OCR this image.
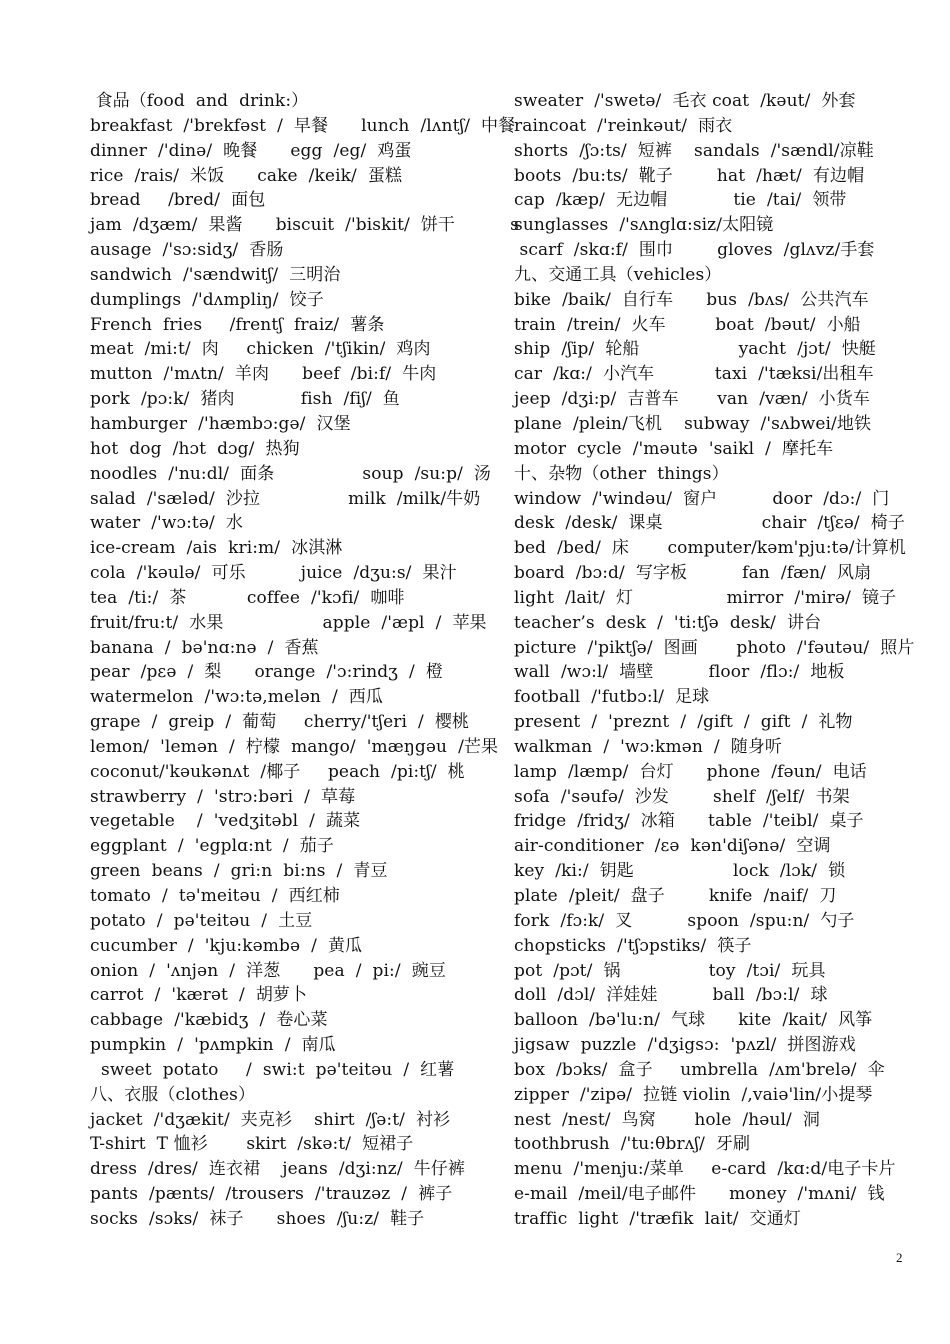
食品（food  and  drink:）
breakfast  /'brekfəst  /  早餐      lunch  /lʌntʃ/  中餐
dinner  /'dinə/  晚餐      egg  /eg/  鸡蛋
rice  /rais/  米饭      cake  /keik/  蛋糕
bread     /bred/  面包
jam  /dʒæm/  果酱      biscuit  /'biskit/  饼干          s
ausage  /'sɔ:sidʒ/  香肠
sandwich  /'sændwitʃ/  三明治
dumplings  /'dʌmpliŋ/  饺子
French  fries     /frentʃ  fraiz/  薯条
meat  /mi:t/  肉     chicken  /'tʃikin/  鸡肉
mutton  /'mʌtn/  羊肉      beef  /bi:f/  牛肉
pork  /pɔ:k/  猪肉            fish  /fiʃ/  鱼
hamburger  /'hæmbɔ:gə/  汉堡
hot  dog  /hɔt  dɔg/  热狗
noodles  /'nu:dl/  面条                soup  /su:p/  汤
salad  /'sæləd/  沙拉                milk  /milk/牛奶
water  /'wɔ:tə/  水
ice-cream  /ais  kri:m/  冰淇淋
cola  /'kəulə/  可乐          juice  /dʒu:s/  果汁
tea  /ti:/  茶           coffee  /'kɔfi/  咖啡
fruit/fru:t/  水果                  apple  /'æpl  /  苹果
banana  /  bə'nɑ:nə  /  香蕉
pear  /pεə  /  梨      orange  /'ɔ:rindʒ  /  橙
watermelon  /'wɔ:tə,melən  /  西瓜
grape  /  greip  /  葡萄     cherry/'tʃeri  /  樱桃
lemon/  'lemən  /  柠檬  mango/  'mæŋgəu  /芒果
coconut/'kəukənʌt  /椰子     peach  /pi:tʃ/  桃
strawberry  /  'strɔ:bəri  /  草莓
vegetable    /  'vedʒitəbl  /  蔬菜
eggplant  /  'egplɑ:nt  /  茄子
green  beans  /  gri:n  bi:ns  /  青豆
tomato  /  tə'meitəu  /  西红柿
potato  /  pə'teitəu  /  土豆
cucumber  /  'kju:kəmbə  /  黄瓜
onion  /  'ʌnjən  /  洋葱      pea  /  pi:/  豌豆
carrot  /  'kærət  /  胡萝卜
cabbage  /'kæbidʒ  /  卷心菜
pumpkin  /  'pʌmpkin  /  南瓜
sweet  potato     /  swi:t  pə'teitəu  /  红薯
八、衣服（clothes）
jacket  /'dʒækit/  夹克衫    shirt  /ʃə:t/  衬衫
T-shirt  T 恤衫       skirt  /skə:t/  短裙子
dress  /dres/  连衣裙    jeans  /dʒi:nz/  牛仔裤
pants  /pænts/  /trousers  /'trauzəz  /  裤子
socks  /sɔks/  袜子      shoes  /ʃu:z/  鞋子
sweater  /'swetə/  毛衣 coat  /kəut/  外套
raincoat  /'reinkəut/  雨衣
shorts  /ʃɔ:ts/  短裤    sandals  /'sændl/凉鞋
boots  /bu:ts/  靴子        hat  /hæt/  有边帽
cap  /kæp/  无边帽            tie  /tai/  领带
sunglasses  /'sʌnglɑ:siz/太阳镜
scarf  /skɑ:f/  围巾        gloves  /glʌvz/手套
九、交通工具（vehicles）
bike  /baik/  自行车      bus  /bʌs/  公共汽车
train  /trein/  火车         boat  /bəut/  小船
ship  /ʃip/  轮船                  yacht  /jɔt/  快艇
car  /kɑ:/  小汽车           taxi  /'tæksi/出租车
jeep  /dʒi:p/  吉普车       van  /væn/  小货车
plane  /plein/飞机    subway  /'sʌbwei/地铁
motor  cycle  /'məutə  'saikl  /  摩托车
十、杂物（other  things）
window  /'windəu/  窗户          door  /dɔ:/  门
desk  /desk/  课桌                  chair  /tʃεə/  椅子
bed  /bed/  床       computer/kəm'pju:tə/计算机
board  /bɔ:d/  写字板          fan  /fæn/  风扇
light  /lait/  灯                 mirror  /'mirə/  镜子
teacher’s  desk  /  'ti:tʃə  desk/  讲台
picture  /'piktʃə/  图画       photo  /'fəutəu/  照片
wall  /wɔ:l/  墙壁          floor  /flɔ:/  地板
football  /'futbɔ:l/  足球
present  /  'preznt  /  /gift  /  gift  /  礼物
walkman  /  'wɔ:kmən  /  随身听
lamp  /læmp/  台灯      phone  /fəun/  电话
sofa  /'səufə/  沙发        shelf  /ʃelf/  书架
fridge  /fridʒ/  冰箱      table  /'teibl/  桌子
air-conditioner  /εə  kən'diʃənə/  空调
key  /ki:/  钥匙                  lock  /lɔk/  锁
plate  /pleit/  盘子        knife  /naif/  刀
fork  /fɔ:k/  叉          spoon  /spu:n/  勺子
chopsticks  /'tʃɔpstiks/  筷子
pot  /pɔt/  锅                toy  /tɔi/  玩具
doll  /dɔl/  洋娃娃          ball  /bɔ:l/  球
balloon  /bə'lu:n/  气球      kite  /kait/  风筝
jigsaw  puzzle  /'dʒigsɔ:  'pʌzl/  拼图游戏
box  /bɔks/  盒子     umbrella  /ʌm'brelə/  伞
zipper  /'zipə/  拉链 violin  /,vaiə'lin/小提琴
nest  /nest/  鸟窝       hole  /həul/  洞
toothbrush  /'tu:θbrʌʃ/  牙刷
menu  /'menju:/菜单     e-card  /kɑ:d/电子卡片
e-mail  /meil/电子邮件      money  /'mʌni/  钱
traffic  light  /'træfik  lait/  交通灯
2
